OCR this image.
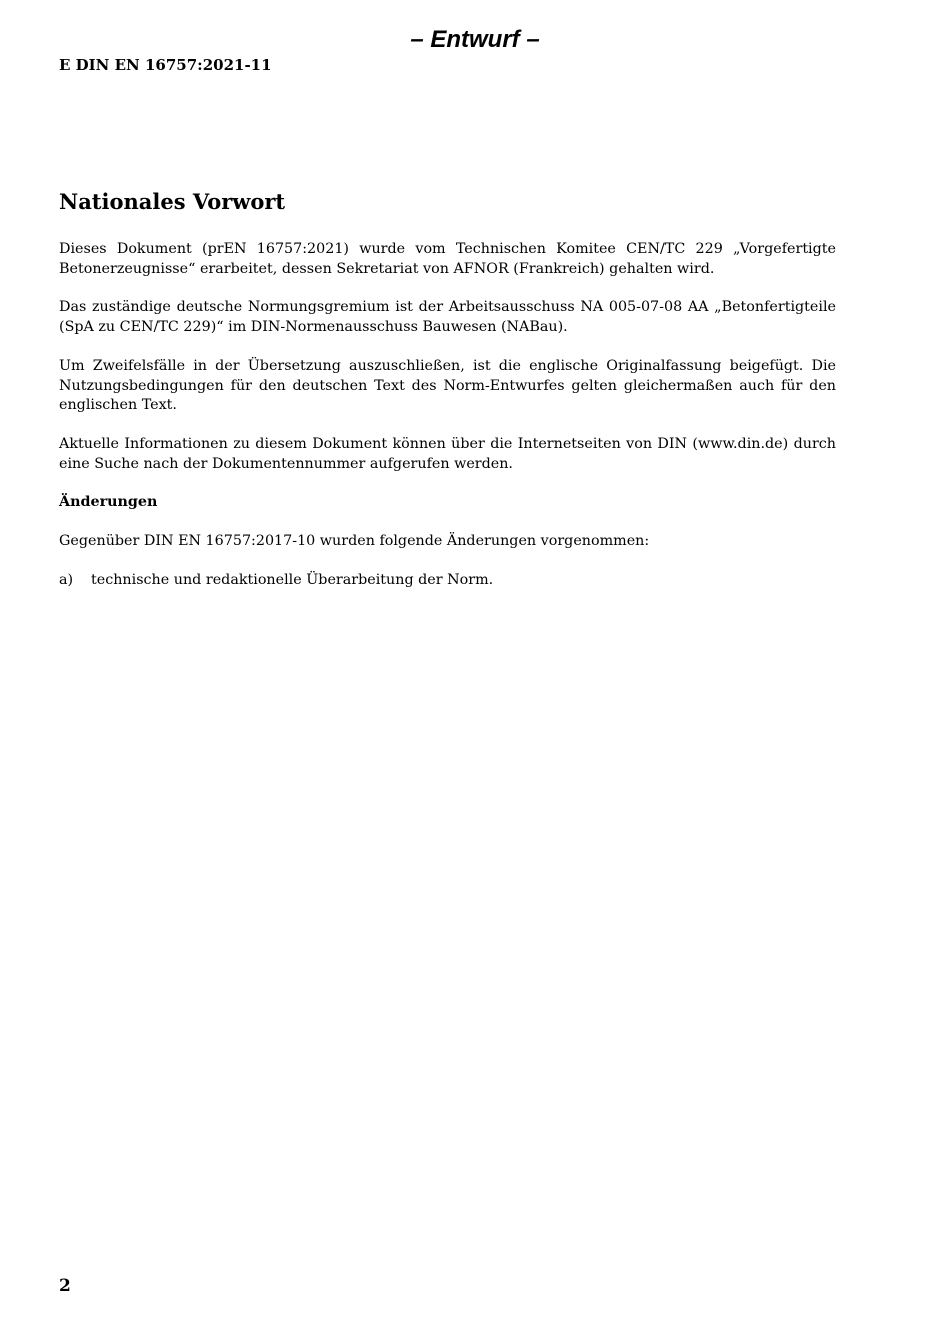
– Entwurf –
E DIN EN 16757:2021-11
Nationales Vorwort
Dieses Dokument (prEN 16757:2021) wurde vom Technischen Komitee CEN/TC 229 „Vorgefertigte Betonerzeugnisse“ erarbeitet, dessen Sekretariat von AFNOR (Frankreich) gehalten wird.
Das zuständige deutsche Normungsgremium ist der Arbeitsausschuss NA 005-07-08 AA „Betonfertigteile (SpA zu CEN/TC 229)“ im DIN-Normenausschuss Bauwesen (NABau).
Um Zweifelsfälle in der Übersetzung auszuschließen, ist die englische Originalfassung beigefügt. Die Nutzungsbedingungen für den deutschen Text des Norm-Entwurfes gelten gleichermaßen auch für den englischen Text.
Aktuelle Informationen zu diesem Dokument können über die Internetseiten von DIN (www.din.de) durch eine Suche nach der Dokumentennummer aufgerufen werden.
Änderungen
Gegenüber DIN EN 16757:2017-10 wurden folgende Änderungen vorgenommen:
a) technische und redaktionelle Überarbeitung der Norm.
2
